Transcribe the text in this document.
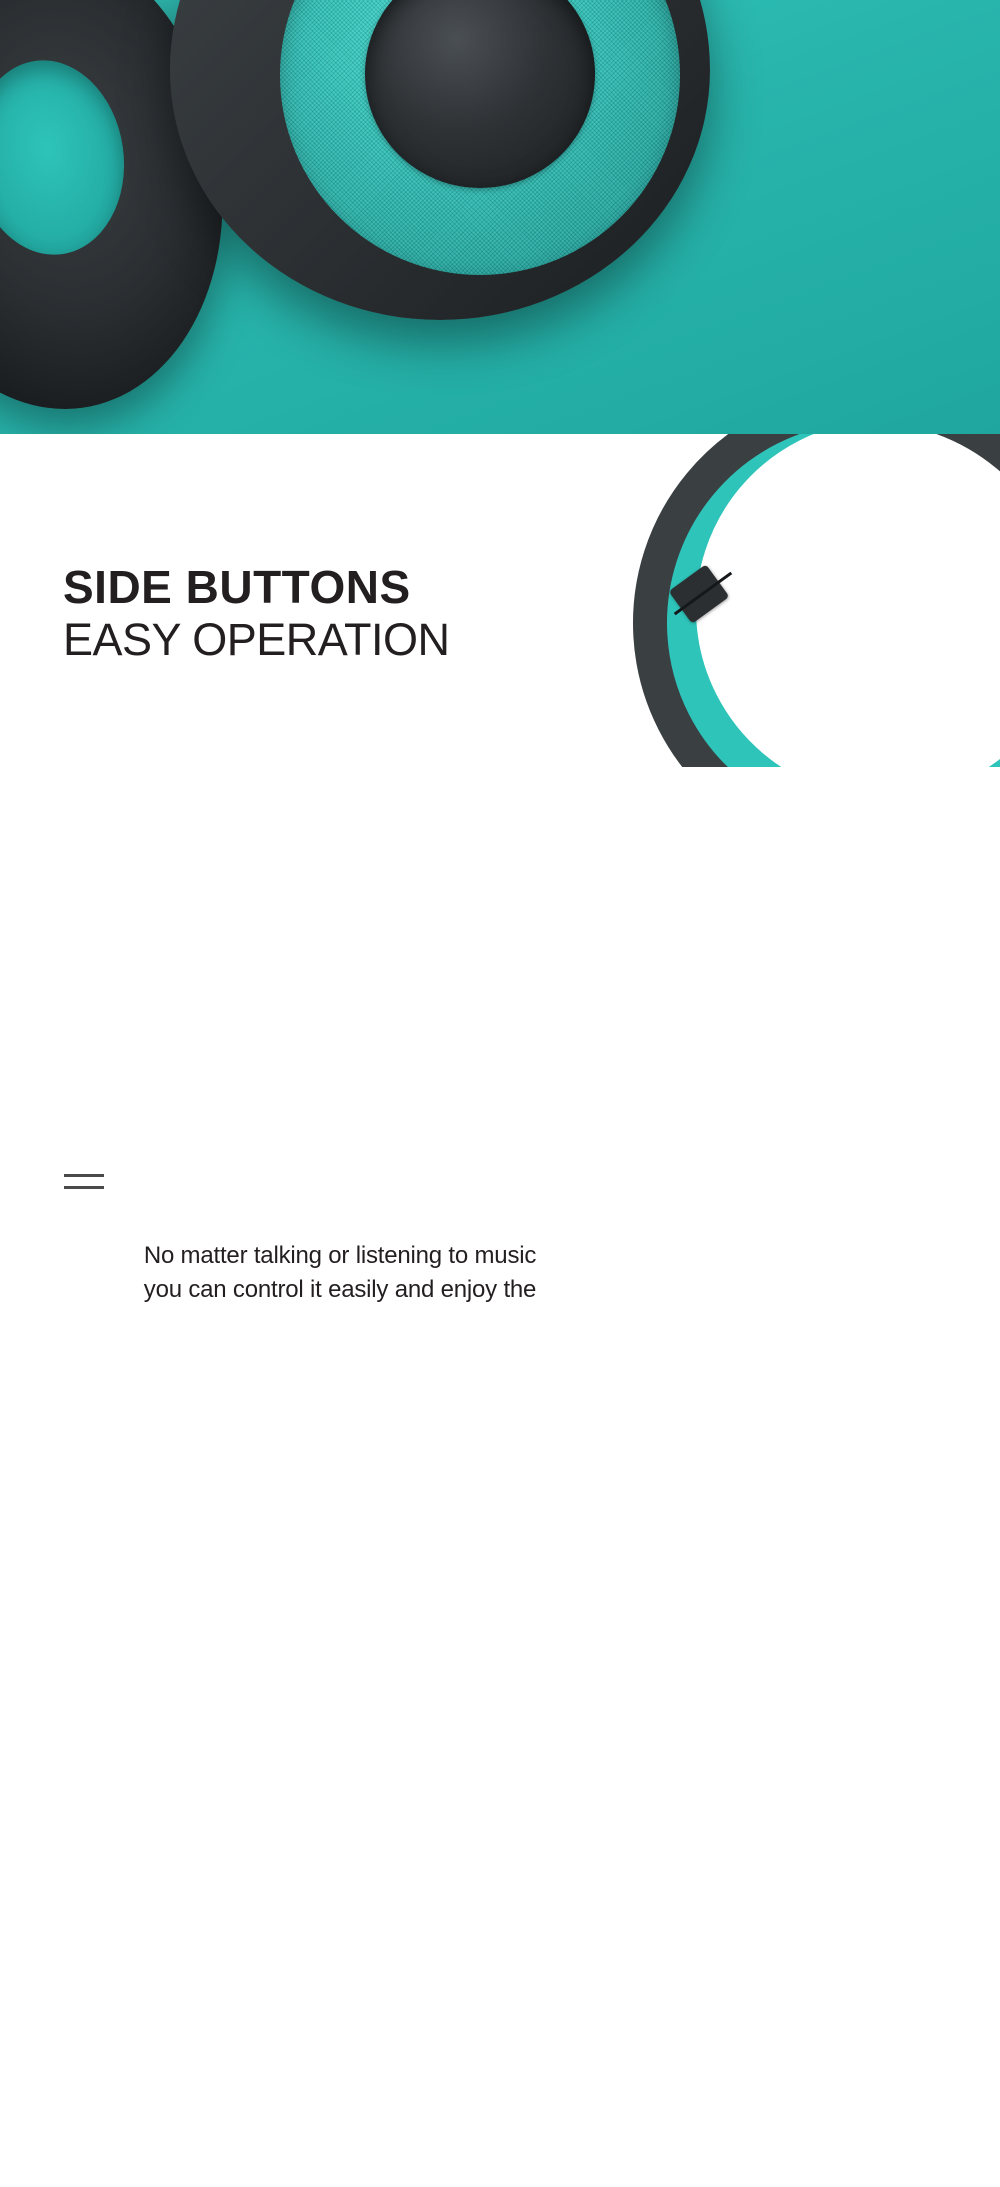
SIDE BUTTONS
EASY OPERATION
No matter talking or listening to music
you can control it easily and enjoy the
